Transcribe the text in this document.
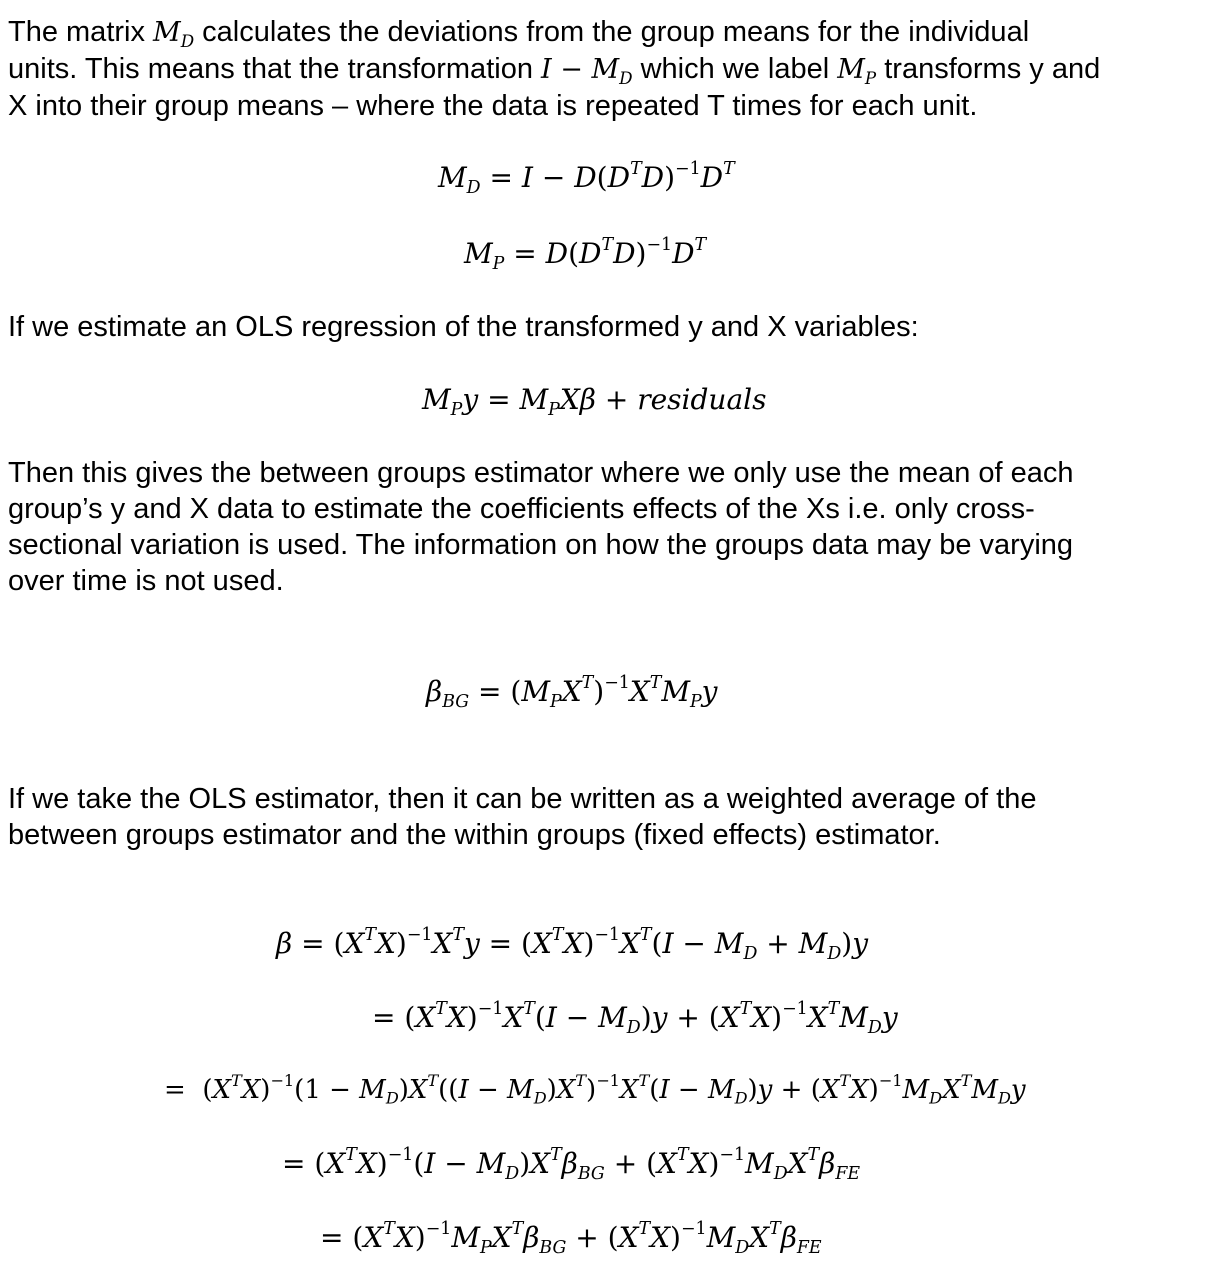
The matrix $M_D$ calculates the deviations from the group means for the individual
units. This means that the transformation $I - M_D$ which we label $M_P$ transforms y and
X into their group means – where the data is repeated T times for each unit.
$M_D = I - D(D^TD)^{-1}D^T$
$M_P = D(D^TD)^{-1}D^T$
If we estimate an OLS regression of the transformed y and X variables:
$M_Py = M_PX\beta$ + residuals
Then this gives the between groups estimator where we only use the mean of each
group’s y and X data to estimate the coefficients effects of the Xs i.e. only cross-
sectional variation is used. The information on how the groups data may be varying
over time is not used.
$\beta_{BG} = (M_PX^T)^{-1}X^TM_Py$
If we take the OLS estimator, then it can be written as a weighted average of the
between groups estimator and the within groups (fixed effects) estimator.
$\beta = (X^TX)^{-1}X^Ty = (X^TX)^{-1}X^T(I - M_D + M_D)y$
= $(X^TX)^{-1}X^T(I - M_D)y + (X^TX)^{-1}X^TM_Dy$
= $(X^TX)^{-1}(1 - M_D)X^T((I - M_D)X^T)^{-1}X^T(I - M_D)y + (X^TX)^{-1}M_DX^TM_Dy$
= $(X^TX)^{-1}(I - M_D)X^T\beta_{BG} + (X^TX)^{-1}M_DX^T\beta_{FE}$
= $(X^TX)^{-1}M_PX^T\beta_{BG} + (X^TX)^{-1}M_DX^T\beta_{FE}$
